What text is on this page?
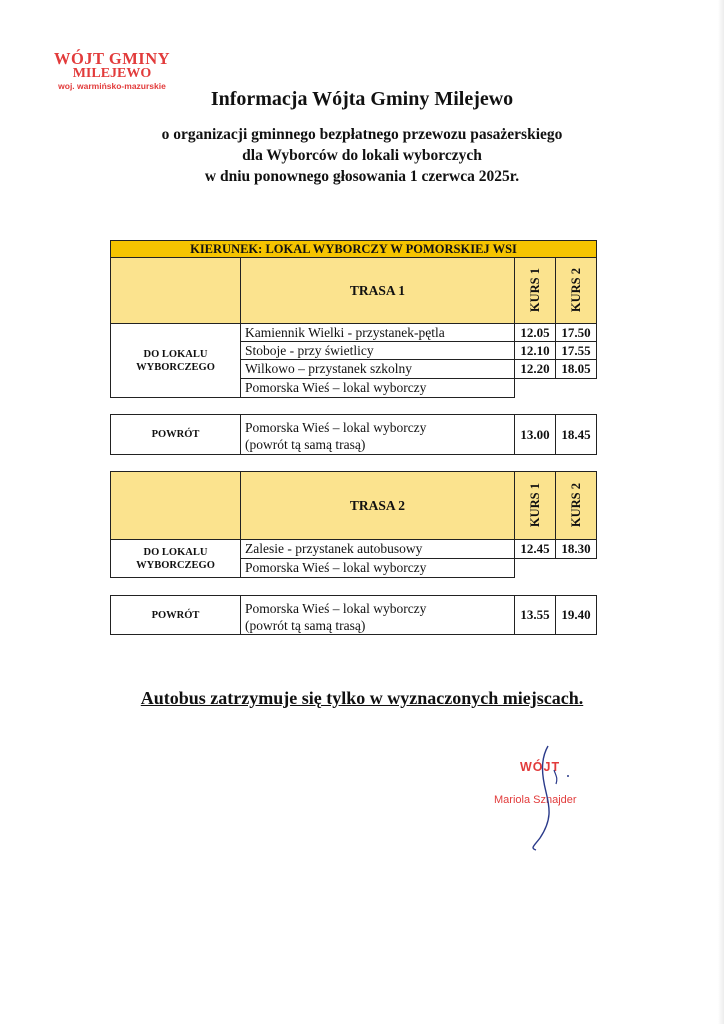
WÓJT GMINY
MILEJEWO
woj. warmińsko-mazurskie
Informacja Wójta Gminy Milejewo
o organizacji gminnego bezpłatnego przewozu pasażerskiego
dla Wyborców do lokali wyborczych
w dniu ponownego głosowania 1 czerwca 2025r.
KIERUNEK: LOKAL WYBORCZY W POMORSKIEJ WSI
TRASA 1	KURS 1 KURS 2
DO LOKALU WYBORCZEGO
Kamiennik Wielki - przystanek-pętla	12.05 17.50
Stoboje - przy świetlicy	12.10 17.55
Wilkowo – przystanek szkolny	12.20 18.05
Pomorska Wieś – lokal wyborczy
POWRÓT	Pomorska Wieś – lokal wyborczy
(powrót tą samą trasą)
13.00 18.45
TRASA 2	KURS 1 KURS 2
DO LOKALU WYBORCZEGO
Zalesie - przystanek autobusowy	12.45 18.30
Pomorska Wieś – lokal wyborczy
POWRÓT	Pomorska Wieś – lokal wyborczy
(powrót tą samą trasą)
13.55 19.40
Autobus zatrzymuje się tylko w wyznaczonych miejscach.
WÓJT
Mariola Sznajder
